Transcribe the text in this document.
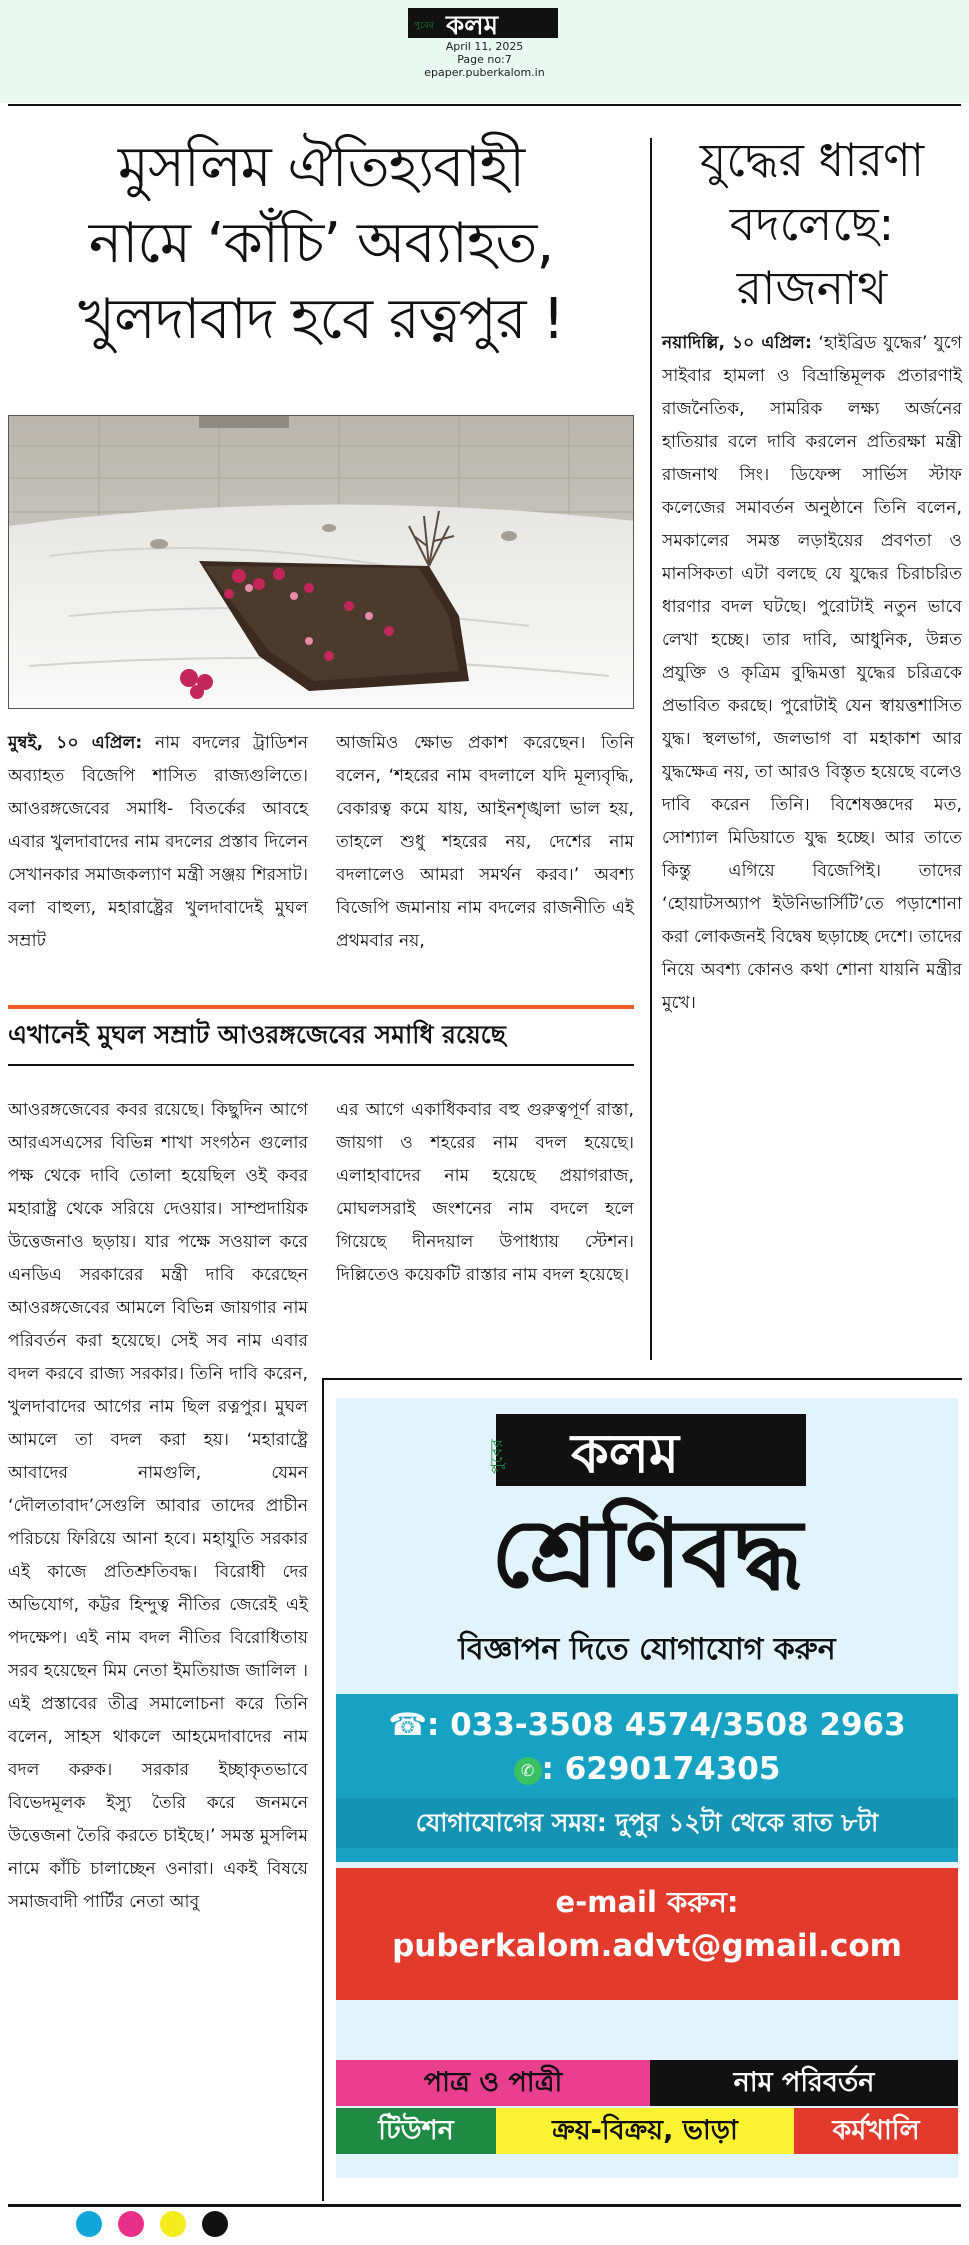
পুবের কলম
April 11, 2025
Page no:7
epaper.puberkalom.in
মুসলিম ঐতিহ্যবাহী
নামে ‘কাঁচি’ অব্যাহত,
খুলদাবাদ হবে রত্নপুর !
মুম্বই, ১০ এপ্রিল: নাম বদলের ট্রাডিশন অব্যাহত বিজেপি শাসিত রাজ্যগুলিতে। আওরঙ্গজেবের সমাধি- বিতর্কের আবহে এবার খুলদাবাদের নাম বদলের প্রস্তাব দিলেন সেখানকার সমাজকল্যাণ মন্ত্রী সঞ্জয় শিরসাট। বলা বাহুল্য, মহারাষ্ট্রের খুলদাবাদেই মুঘল সম্রাট
আজমিও ক্ষোভ প্রকাশ করেছেন। তিনি বলেন, ‘শহরের নাম বদলালে যদি মূল্যবৃদ্ধি, বেকারত্ব কমে যায়, আইনশৃঙ্খলা ভাল হয়, তাহলে শুধু শহরের নয়, দেশের নাম বদলালেও আমরা সমর্থন করব।’ অবশ্য বিজেপি জমানায় নাম বদলের রাজনীতি এই প্রথমবার নয়,
এখানেই মুঘল সম্রাট আওরঙ্গজেবের সমাধি রয়েছে
আওরঙ্গজেবের কবর রয়েছে। কিছুদিন আগে আরএসএসের বিভিন্ন শাখা সংগঠন গুলোর পক্ষ থেকে দাবি তোলা হয়েছিল ওই কবর মহারাষ্ট্র থেকে সরিয়ে দেওয়ার। সাম্প্রদায়িক উত্তেজনাও ছড়ায়। যার পক্ষে সওয়াল করে এনডিএ সরকারের মন্ত্রী দাবি করেছেন আওরঙ্গজেবের আমলে বিভিন্ন জায়গার নাম পরিবর্তন করা হয়েছে। সেই সব নাম এবার বদল করবে রাজ্য সরকার। তিনি দাবি করেন, খুলদাবাদের আগের নাম ছিল রত্নপুর। মুঘল আমলে তা বদল করা হয়। ‘মহারাষ্ট্রে আবাদের নামগুলি, যেমন ‘দৌলতাবাদ’সেগুলি আবার তাদের প্রাচীন পরিচয়ে ফিরিয়ে আনা হবে। মহাযুতি সরকার এই কাজে প্রতিশ্রুতিবদ্ধ। বিরোধী দের অভিযোগ, কট্টর হিন্দুত্ব নীতির জেরেই এই পদক্ষেপ। এই নাম বদল নীতির বিরোধিতায় সরব হয়েছেন মিম নেতা ইমতিয়াজ জালিল । এই প্রস্তাবের তীব্র সমালোচনা করে তিনি বলেন, সাহস থাকলে আহমেদাবাদের নাম বদল করুক। সরকার ইচ্ছাকৃতভাবে বিভেদমূলক ইস্যু তৈরি করে জনমনে উত্তেজনা তৈরি করতে চাইছে।’ সমস্ত মুসলিম নামে কাঁচি চালাচ্ছেন ওনারা। একই বিষয়ে সমাজবাদী পার্টির নেতা আবু
এর আগে একাধিকবার বহু গুরুত্বপূর্ণ রাস্তা, জায়গা ও শহরের নাম বদল হয়েছে। এলাহাবাদের নাম হয়েছে প্রয়াগরাজ, মোঘলসরাই জংশনের নাম বদলে হলে গিয়েছে দীনদয়াল উপাধ্যায় স্টেশন। দিল্লিতেও কয়েকটি রাস্তার নাম বদল হয়েছে।
যুদ্ধের ধারণা
বদলেছে:
রাজনাথ
নয়াদিল্লি, ১০ এপ্রিল: ‘হাইব্রিড যুদ্ধের’ যুগে সাইবার হামলা ও বিভ্রান্তিমূলক প্রতারণাই রাজনৈতিক, সামরিক লক্ষ্য অর্জনের হাতিয়ার বলে দাবি করলেন প্রতিরক্ষা মন্ত্রী রাজনাথ সিং। ডিফেন্স সার্ভিস স্টাফ কলেজের সমাবর্তন অনুষ্ঠানে তিনি বলেন, সমকালের সমস্ত লড়াইয়ের প্রবণতা ও মানসিকতা এটা বলছে যে যুদ্ধের চিরাচরিত ধারণার বদল ঘটছে। পুরোটাই নতুন ভাবে লেখা হচ্ছে। তার দাবি, আধুনিক, উন্নত প্রযুক্তি ও কৃত্রিম বুদ্ধিমত্তা যুদ্ধের চরিত্রকে প্রভাবিত করছে। পুরোটাই যেন স্বায়ত্তশাসিত যুদ্ধ। স্থলভাগ, জলভাগ বা মহাকাশ আর যুদ্ধক্ষেত্র নয়, তা আরও বিস্তৃত হয়েছে বলেও দাবি করেন তিনি। বিশেষজ্ঞদের মত, সোশ্যাল মিডিয়াতে যুদ্ধ হচ্ছে। আর তাতে কিন্তু এগিয়ে বিজেপিই। তাদের ‘হোয়াটসঅ্যাপ ইউনিভার্সিটি’তে পড়াশোনা করা লোকজনই বিদ্বেষ ছড়াচ্ছে দেশে। তাদের নিয়ে অবশ্য কোনও কথা শোনা যায়নি মন্ত্রীর মুখে।
পুবের কলম
শ্রেণিবদ্ধ
বিজ্ঞাপন দিতে যোগাযোগ করুন
☎: 033-3508 4574/3508 2963
✆ : 6290174305
যোগাযোগের সময়: দুপুর ১২টা থেকে রাত ৮টা
e-mail করুন:
puberkalom.advt@gmail.com
পাত্র ও পাত্রী	নাম পরিবর্তন
টিউশন	ক্রয়-বিক্রয়, ভাড়া	কর্মখালি
